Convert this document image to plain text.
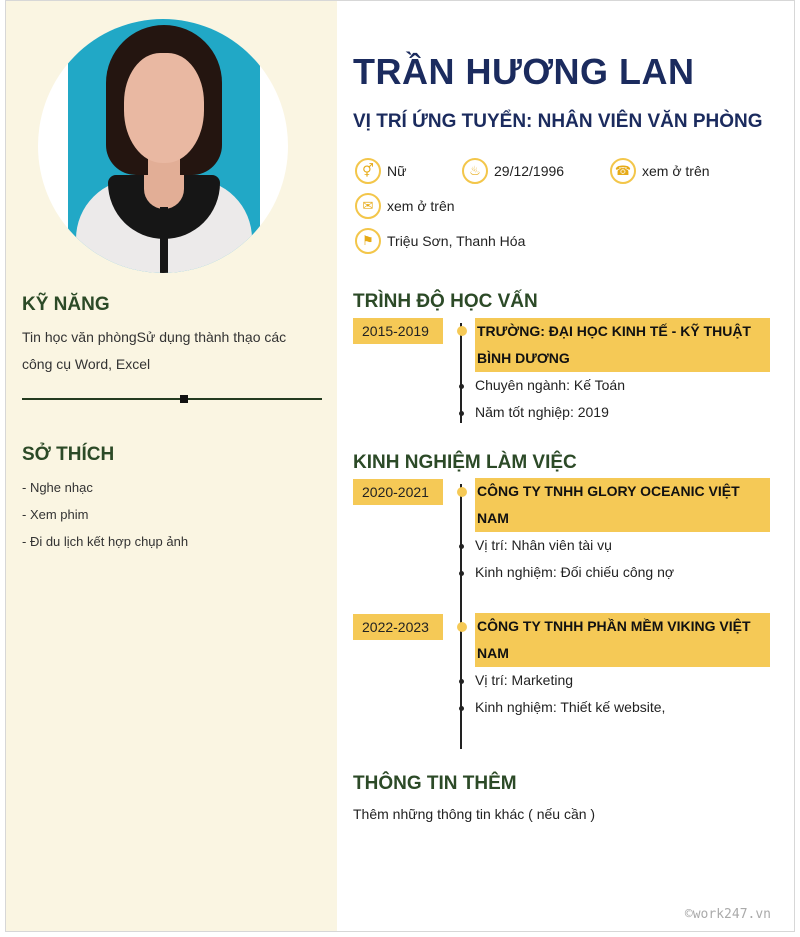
KỸ NĂNG
Tin học văn phòngSử dụng thành thạo các công cụ Word, Excel
SỞ THÍCH
- Nghe nhạc
- Xem phim
- Đi du lịch kết hợp chụp ảnh
TRẦN HƯƠNG LAN
VỊ TRÍ ỨNG TUYỂN: NHÂN VIÊN VĂN PHÒNG
⚥ Nữ	♨ 29/12/1996	☎ xem ở trên
✉ xem ở trên
⚑ Triệu Sơn, Thanh Hóa
TRÌNH ĐỘ HỌC VẤN
2015-2019	TRƯỜNG: ĐẠI HỌC KINH TẾ - KỸ THUẬT BÌNH DƯƠNG
Chuyên ngành: Kế Toán
Năm tốt nghiệp: 2019
KINH NGHIỆM LÀM VIỆC
2020-2021	CÔNG TY TNHH GLORY OCEANIC VIỆT NAM
Vị trí: Nhân viên tài vụ
Kinh nghiệm: Đối chiếu công nợ
2022-2023	CÔNG TY TNHH PHẦN MỀM VIKING VIỆT NAM
Vị trí: Marketing
Kinh nghiệm: Thiết kế website,
THÔNG TIN THÊM
Thêm những thông tin khác ( nếu cần )
©work247.vn
